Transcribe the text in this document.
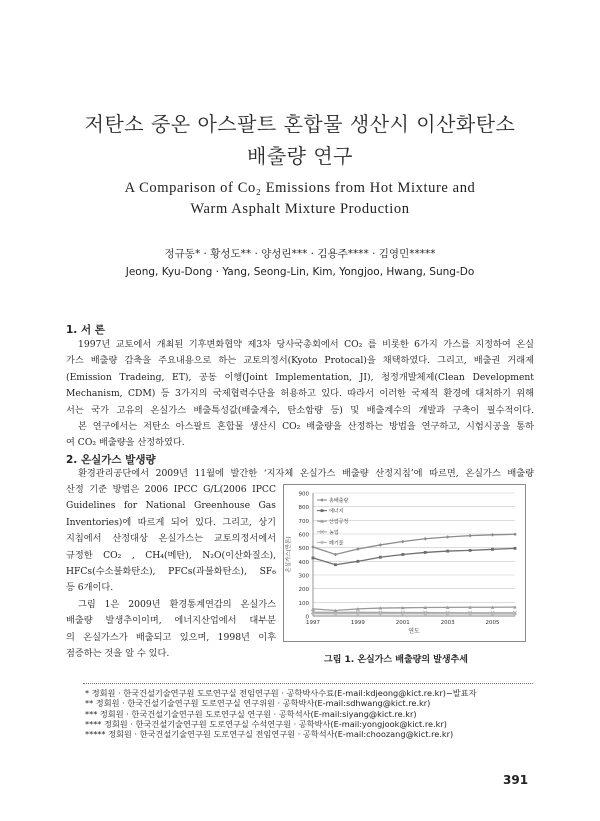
저탄소 중온 아스팔트 혼합물 생산시 이산화탄소
배출량 연구
A Comparison of Co₂ Emissions from Hot Mixture and
Warm Asphalt Mixture Production
정규동* · 황성도** · 양성린*** · 김용주**** · 김영민*****
Jeong, Kyu-Dong · Yang, Seong-Lin, Kim, Yongjoo, Hwang, Sung-Do
1. 서 론
1997년 교토에서 개최된 기후변화협약 제3차 당사국총회에서 CO₂ 를 비롯한 6가지 가스를 지정하여 온실
가스 배출량 감축을 주요내용으로 하는 교토의정서(Kyoto Protocal)을 채택하였다. 그리고, 배출권 거래제
(Emission Tradeing, ET), 공동 이행(Joint Implementation, JI), 청정개발체제(Clean Development
Mechanism, CDM) 등 3가지의 국제협력수단을 허용하고 있다. 따라서 이러한 국제적 환경에 대처하기 위해
서는 국가 고유의 온실가스 배출특성값(배출계수, 탄소함량 등) 및 배출계수의 개발과 구축이 필수적이다.
본 연구에서는 저탄소 아스팔트 혼합물 생산시 CO₂ 배출량을 산정하는 방법을 연구하고, 시험시공을 통하
여 CO₂ 배출량을 산정하였다.
2. 온실가스 발생량
환경관리공단에서 2009년 11월에 발간한 ‘지자체 온실가스 배출량 산정지침’에 따르면, 온실가스 배출량
산정 기준 방법은 2006 IPCC G/L(2006 IPCC
Guidelines for National Greenhouse Gas
Inventories)에 따르게 되어 있다. 그리고, 상기
지침에서 산정대상 온실가스는 교토의정서에서
규정한 CO₂ , CH₄(메탄), N₂O(이산화질소),
HFCs(수소불화탄소), PFCs(과불화탄소), SF₆
등 6개이다.
그림 1은 2009년 환경통계연감의 온실가스
배출량 발생추이이며, 에너지산업에서 대부분
의 온실가스가 배출되고 있으며, 1998년 이후
점증하는 것을 알 수 있다.
0
100
200
300
400
500
600
700
800
900
1997	1999	2001	2003	2005
연도
온실가스(만톤)
총배출량
에너지
산업공정
농업
폐기물
그림 1. 온실가스 배출량의 발생추세
* 정회원 · 한국건설기술연구원 도로연구실 전임연구원 · 공학박사수료(E-mail:kdjeong@kict.re.kr)−발표자
** 정회원 · 한국건설기술연구원 도로연구실 연구위원 · 공학박사(E-mail:sdhwang@kict.re.kr)
*** 정회원 · 한국건설기술연구원 도로연구실 연구원 · 공학석사(E-mail:siyang@kict.re.kr)
**** 정회원 · 한국건설기술연구원 도로연구실 수석연구원 · 공학박사(E-mail:yongjook@kict.re.kr)
***** 정회원 · 한국건설기술연구원 도로연구실 전임연구원 · 공학석사(E-mail:choozang@kict.re.kr)
391
